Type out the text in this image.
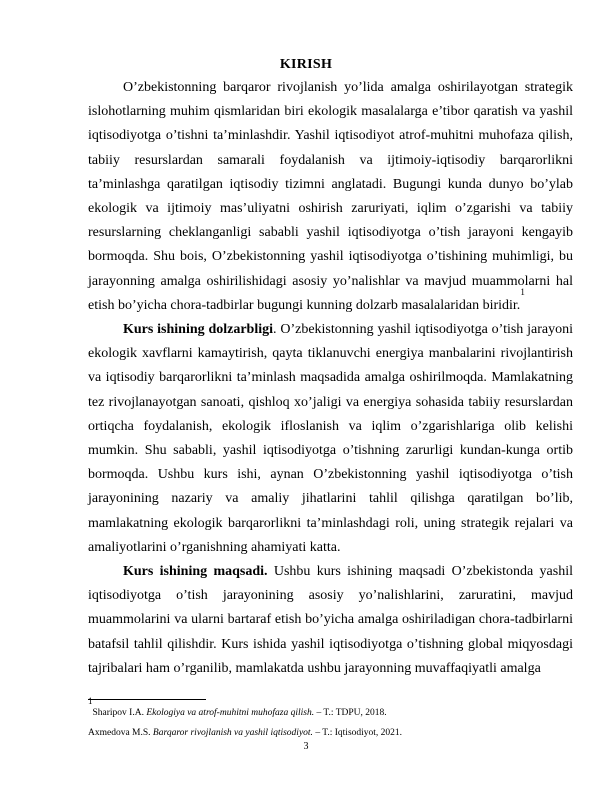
KIRISH

O’zbekistonning barqaror rivojlanish yo’lida amalga oshirilayotgan strategik islohotlarning muhim qismlaridan biri ekologik masalalarga e’tibor qaratish va yashil iqtisodiyotga o’tishni ta’minlashdir. Yashil iqtisodiyot atrof-muhitni muhofaza qilish, tabiiy resurslardan samarali foydalanish va ijtimoiy-iqtisodiy barqarorlikni ta’minlashga qaratilgan iqtisodiy tizimni anglatadi. Bugungi kunda dunyo bo’ylab ekologik va ijtimoiy mas’uliyatni oshirish zaruriyati, iqlim o’zgarishi va tabiiy resurslarning cheklanganligi sababli yashil iqtisodiyotga o’tish jarayoni kengayib bormoqda. Shu bois, O’zbekistonning yashil iqtisodiyotga o’tishining muhimligi, bu jarayonning amalga oshirilishidagi asosiy yo’nalishlar va mavjud muammolarni hal etish bo’yicha chora-tadbirlar bugungi kunning dolzarb masalalaridan biridir.$^1$

Kurs ishining dolzarbligi. O’zbekistonning yashil iqtisodiyotga o’tish jarayoni ekologik xavflarni kamaytirish, qayta tiklanuvchi energiya manbalarini rivojlantirish va iqtisodiy barqarorlikni ta’minlash maqsadida amalga oshirilmoqda. Mamlakatning tez rivojlanayotgan sanoati, qishloq xo’jaligi va energiya sohasida tabiiy resurslardan ortiqcha foydalanish, ekologik ifloslanish va iqlim o’zgarishlariga olib kelishi mumkin. Shu sababli, yashil iqtisodiyotga o’tishning zarurligi kundan-kunga ortib bormoqda. Ushbu kurs ishi, aynan O’zbekistonning yashil iqtisodiyotga o’tish jarayonining nazariy va amaliy jihatlarini tahlil qilishga qaratilgan bo’lib, mamlakatning ekologik barqarorlikni ta’minlashdagi roli, uning strategik rejalari va amaliyotlarini o’rganishning ahamiyati katta.

Kurs ishining maqsadi. Ushbu kurs ishining maqsadi O’zbekistonda yashil iqtisodiyotga o’tish jarayonining asosiy yo’nalishlarini, zaruratini, mavjud muammolarini va ularni bartaraf etish bo’yicha amalga oshiriladigan chora-tadbirlarni batafsil tahlil qilishdir. Kurs ishida yashil iqtisodiyotga o’tishning global miqyosdagi tajribalari ham o’rganilib, mamlakatda ushbu jarayonning muvaffaqiyatli amalga

$^1$Sharipov I.A. Ekologiya va atrof-muhitni muhofaza qilish. – T.: TDPU, 2018.
Axmedova M.S. Barqaror rivojlanish va yashil iqtisodiyot. – T.: Iqtisodiyot, 2021.
3
